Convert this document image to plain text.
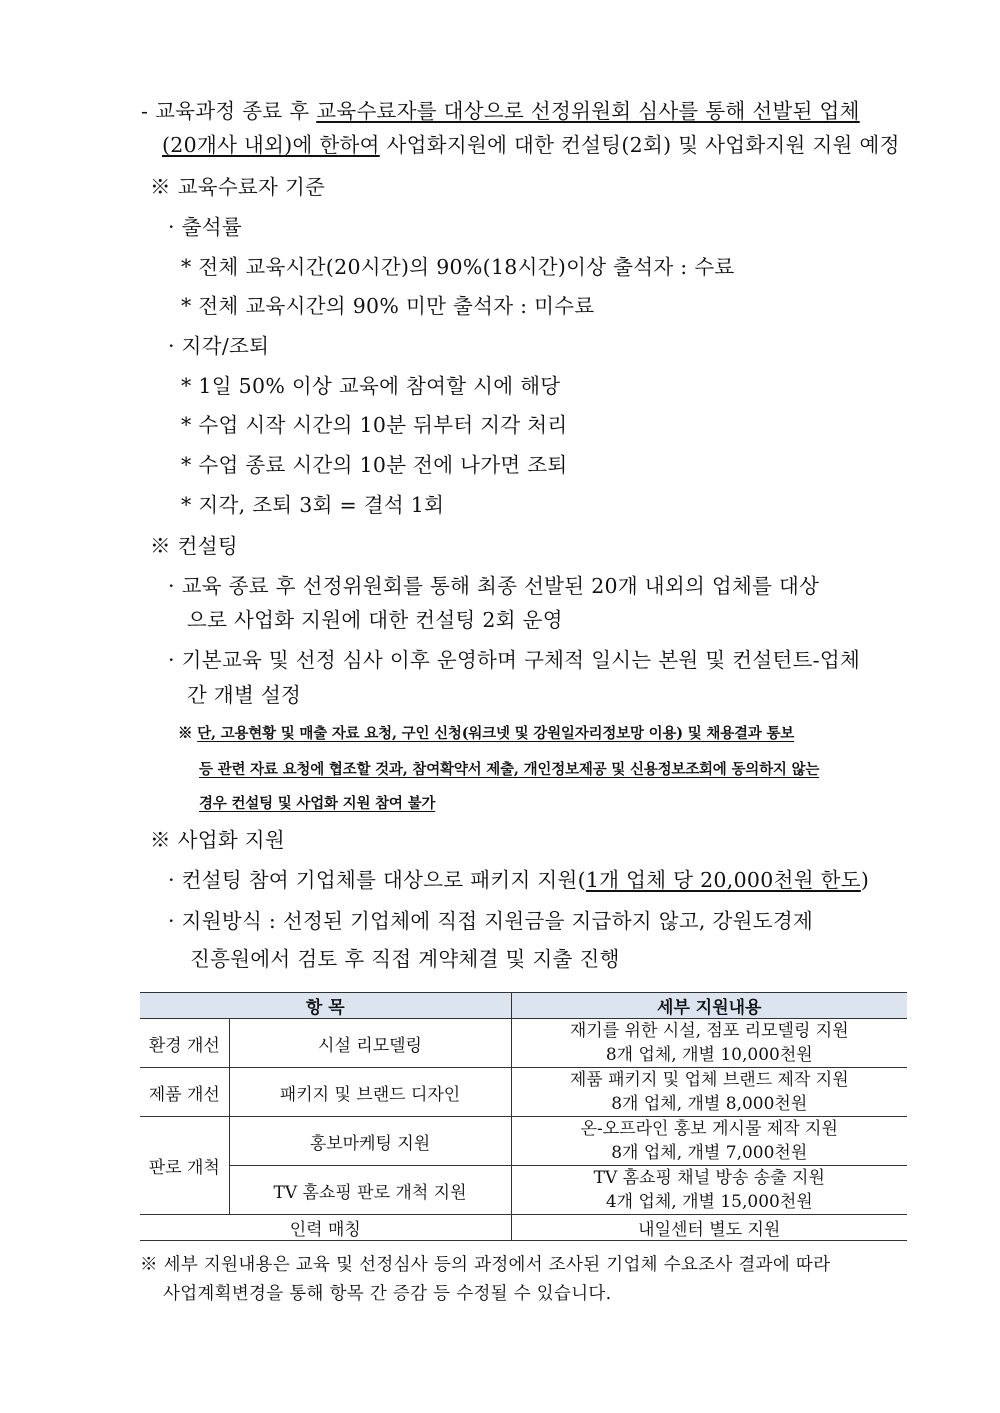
- 교육과정 종료 후 교육수료자를 대상으로 선정위원회 심사를 통해 선발된 업체
(20개사 내외)에 한하여 사업화지원에 대한 컨설팅(2회) 및 사업화지원 지원 예정
※ 교육수료자 기준
· 출석률
* 전체 교육시간(20시간)의 90%(18시간)이상 출석자 : 수료
* 전체 교육시간의 90% 미만 출석자 : 미수료
· 지각/조퇴
* 1일 50% 이상 교육에 참여할 시에 해당
* 수업 시작 시간의 10분 뒤부터 지각 처리
* 수업 종료 시간의 10분 전에 나가면 조퇴
* 지각, 조퇴 3회 = 결석 1회
※ 컨설팅
· 교육 종료 후 선정위원회를 통해 최종 선발된 20개 내외의 업체를 대상
으로 사업화 지원에 대한 컨설팅 2회 운영
· 기본교육 및 선정 심사 이후 운영하며 구체적 일시는 본원 및 컨설턴트-업체
간 개별 설정
※ 단, 고용현황 및 매출 자료 요청, 구인 신청(워크넷 및 강원일자리정보망 이용) 및 채용결과 통보
등 관련 자료 요청에 협조할 것과, 참여확약서 제출, 개인정보제공 및 신용정보조회에 동의하지 않는
경우 컨설팅 및 사업화 지원 참여 불가
※ 사업화 지원
· 컨설팅 참여 기업체를 대상으로 패키지 지원(1개 업체 당 20,000천원 한도)
· 지원방식 : 선정된 기업체에 직접 지원금을 지급하지 않고, 강원도경제
진흥원에서 검토 후 직접 계약체결 및 지출 진행
항 목		세부 지원내용
환경 개선	시설 리모델링	재기를 위한 시설, 점포 리모델링 지원
8개 업체, 개별 10,000천원

제품 개선	패키지 및 브랜드 디자인	제품 패키지 및 업체 브랜드 제작 지원
8개 업체, 개별 8,000천원

판로 개척	홍보마케팅 지원	온-오프라인 홍보 게시물 제작 지원
8개 업체, 개별 7,000천원

	TV 홈쇼핑 판로 개척 지원	TV 홈쇼핑 채널 방송 송출 지원
4개 업체, 개별 15,000천원

인력 매칭		내일센터 별도 지원
※ 세부 지원내용은 교육 및 선정심사 등의 과정에서 조사된 기업체 수요조사 결과에 따라
사업계획변경을 통해 항목 간 증감 등 수정될 수 있습니다.
